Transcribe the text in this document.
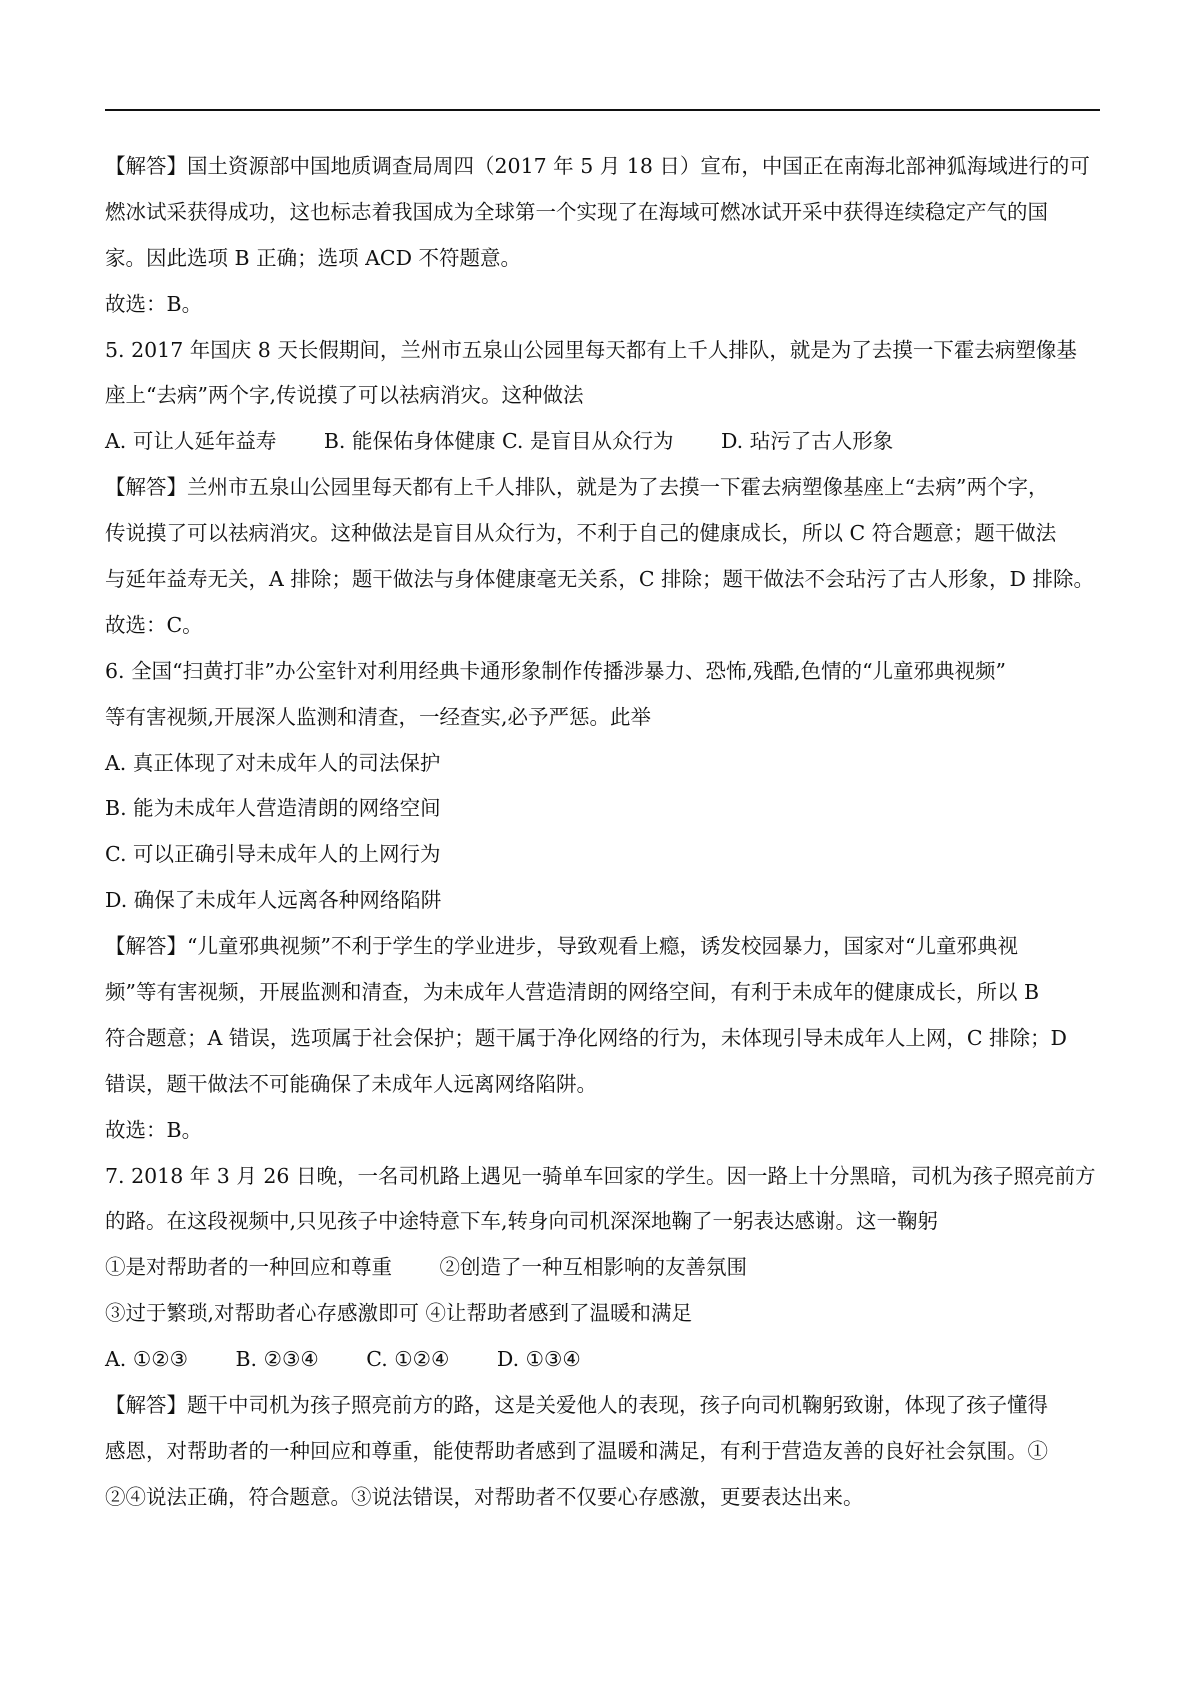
【解答】国土资源部中国地质调查局周四（2017 年 5 月 18 日）宣布，中国正在南海北部神狐海域进行的可
燃冰试采获得成功，这也标志着我国成为全球第一个实现了在海域可燃冰试开采中获得连续稳定产气的国
家。因此选项 B 正确；选项 ACD 不符题意。
故选：B。
5. 2017 年国庆 8 天长假期间，兰州市五泉山公园里每天都有上千人排队，就是为了去摸一下霍去病塑像基
座上“去病”两个字,传说摸了可以祛病消灾。这种做法
A. 可让人延年益寿　　 B. 能保佑身体健康 C. 是盲目从众行为　　 D. 玷污了古人形象
【解答】兰州市五泉山公园里每天都有上千人排队，就是为了去摸一下霍去病塑像基座上“去病”两个字，
传说摸了可以祛病消灾。这种做法是盲目从众行为，不利于自己的健康成长，所以 C 符合题意；题干做法
与延年益寿无关，A 排除；题干做法与身体健康毫无关系，C 排除；题干做法不会玷污了古人形象，D 排除。
故选：C。
6. 全国“扫黄打非”办公室针对利用经典卡通形象制作传播涉暴力、恐怖,残酷,色情的“儿童邪典视频”
等有害视频,开展深人监测和清查，一经查实,必予严惩。此举
A. 真正体现了对未成年人的司法保护
B. 能为未成年人营造清朗的网络空间
C. 可以正确引导未成年人的上网行为
D. 确保了未成年人远离各种网络陷阱
【解答】“儿童邪典视频”不利于学生的学业进步，导致观看上瘾，诱发校园暴力，国家对“儿童邪典视
频”等有害视频，开展监测和清查，为未成年人营造清朗的网络空间，有利于未成年的健康成长，所以 B
符合题意；A 错误，选项属于社会保护；题干属于净化网络的行为，未体现引导未成年人上网，C 排除；D
错误，题干做法不可能确保了未成年人远离网络陷阱。
故选：B。
7. 2018 年 3 月 26 日晚，一名司机路上遇见一骑单车回家的学生。因一路上十分黑暗，司机为孩子照亮前方
的路。在这段视频中,只见孩子中途特意下车,转身向司机深深地鞠了一躬表达感谢。这一鞠躬
①是对帮助者的一种回应和尊重　　 ②创造了一种互相影响的友善氛围
③过于繁琐,对帮助者心存感激即可 ④让帮助者感到了温暖和满足
A. ①②③　　 B. ②③④　　 C. ①②④　　 D. ①③④
【解答】题干中司机为孩子照亮前方的路，这是关爱他人的表现，孩子向司机鞠躬致谢，体现了孩子懂得
感恩，对帮助者的一种回应和尊重，能使帮助者感到了温暖和满足，有利于营造友善的良好社会氛围。①
②④说法正确，符合题意。③说法错误，对帮助者不仅要心存感激，更要表达出来。
